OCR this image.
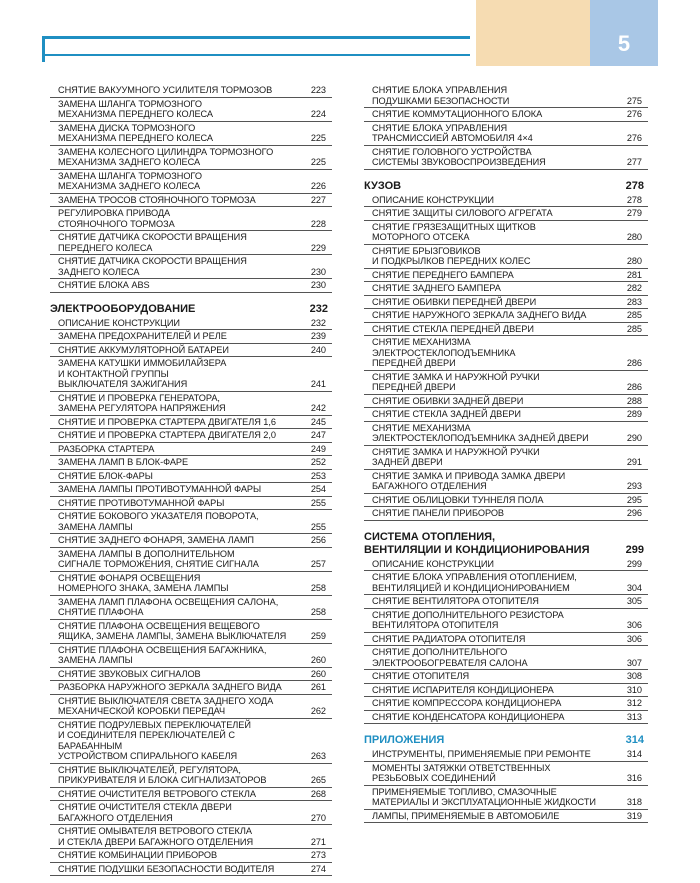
5
СНЯТИЕ ВАКУУМНОГО УСИЛИТЕЛЯ ТОРМОЗОВ	223
ЗАМЕНА ШЛАНГА ТОРМОЗНОГО
МЕХАНИЗМА ПЕРЕДНЕГО КОЛЕСА	224
ЗАМЕНА ДИСКА ТОРМОЗНОГО
МЕХАНИЗМА ПЕРЕДНЕГО КОЛЕСА	225
ЗАМЕНА КОЛЕСНОГО ЦИЛИНДРА ТОРМОЗНОГО
МЕХАНИЗМА ЗАДНЕГО КОЛЕСА	225
ЗАМЕНА ШЛАНГА ТОРМОЗНОГО
МЕХАНИЗМА ЗАДНЕГО КОЛЕСА	226
ЗАМЕНА ТРОСОВ СТОЯНОЧНОГО ТОРМОЗА	227
РЕГУЛИРОВКА ПРИВОДА
СТОЯНОЧНОГО ТОРМОЗА	228
СНЯТИЕ ДАТЧИКА СКОРОСТИ ВРАЩЕНИЯ
ПЕРЕДНЕГО КОЛЕСА	229
СНЯТИЕ ДАТЧИКА СКОРОСТИ ВРАЩЕНИЯ
ЗАДНЕГО КОЛЕСА	230
СНЯТИЕ БЛОКА ABS	230
ЭЛЕКТРООБОРУДОВАНИЕ	232
ОПИСАНИЕ КОНСТРУКЦИИ	232
ЗАМЕНА ПРЕДОХРАНИТЕЛЕЙ И РЕЛЕ	239
СНЯТИЕ АККУМУЛЯТОРНОЙ БАТАРЕИ	240
ЗАМЕНА КАТУШКИ ИММОБИЛАЙЗЕРА
И КОНТАКТНОЙ ГРУППЫ
ВЫКЛЮЧАТЕЛЯ ЗАЖИГАНИЯ	241
СНЯТИЕ И ПРОВЕРКА ГЕНЕРАТОРА,
ЗАМЕНА РЕГУЛЯТОРА НАПРЯЖЕНИЯ	242
СНЯТИЕ И ПРОВЕРКА СТАРТЕРА ДВИГАТЕЛЯ 1,6	245
СНЯТИЕ И ПРОВЕРКА СТАРТЕРА ДВИГАТЕЛЯ 2,0	247
РАЗБОРКА СТАРТЕРА	249
ЗАМЕНА ЛАМП В БЛОК-ФАРЕ	252
СНЯТИЕ БЛОК-ФАРЫ	253
ЗАМЕНА ЛАМПЫ ПРОТИВОТУМАННОЙ ФАРЫ	254
СНЯТИЕ ПРОТИВОТУМАННОЙ ФАРЫ	255
СНЯТИЕ БОКОВОГО УКАЗАТЕЛЯ ПОВОРОТА,
ЗАМЕНА ЛАМПЫ	255
СНЯТИЕ ЗАДНЕГО ФОНАРЯ, ЗАМЕНА ЛАМП	256
ЗАМЕНА ЛАМПЫ В ДОПОЛНИТЕЛЬНОМ
СИГНАЛЕ ТОРМОЖЕНИЯ, СНЯТИЕ СИГНАЛА	257
СНЯТИЕ ФОНАРЯ ОСВЕЩЕНИЯ
НОМЕРНОГО ЗНАКА, ЗАМЕНА ЛАМПЫ	258
ЗАМЕНА ЛАМП ПЛАФОНА ОСВЕЩЕНИЯ САЛОНА,
СНЯТИЕ ПЛАФОНА	258
СНЯТИЕ ПЛАФОНА ОСВЕЩЕНИЯ ВЕЩЕВОГО
ЯЩИКА, ЗАМЕНА ЛАМПЫ, ЗАМЕНА ВЫКЛЮЧАТЕЛЯ	259
СНЯТИЕ ПЛАФОНА ОСВЕЩЕНИЯ БАГАЖНИКА,
ЗАМЕНА ЛАМПЫ	260
СНЯТИЕ ЗВУКОВЫХ СИГНАЛОВ	260
РАЗБОРКА НАРУЖНОГО ЗЕРКАЛА ЗАДНЕГО ВИДА	261
СНЯТИЕ ВЫКЛЮЧАТЕЛЯ СВЕТА ЗАДНЕГО ХОДА
МЕХАНИЧЕСКОЙ КОРОБКИ ПЕРЕДАЧ	262
СНЯТИЕ ПОДРУЛЕВЫХ ПЕРЕКЛЮЧАТЕЛЕЙ
И СОЕДИНИТЕЛЯ ПЕРЕКЛЮЧАТЕЛЕЙ С БАРАБАННЫМ
УСТРОЙСТВОМ СПИРАЛЬНОГО КАБЕЛЯ	263
СНЯТИЕ ВЫКЛЮЧАТЕЛЕЙ, РЕГУЛЯТОРА,
ПРИКУРИВАТЕЛЯ И БЛОКА СИГНАЛИЗАТОРОВ	265
СНЯТИЕ ОЧИСТИТЕЛЯ ВЕТРОВОГО СТЕКЛА	268
СНЯТИЕ ОЧИСТИТЕЛЯ СТЕКЛА ДВЕРИ
БАГАЖНОГО ОТДЕЛЕНИЯ	270
СНЯТИЕ ОМЫВАТЕЛЯ ВЕТРОВОГО СТЕКЛА
И СТЕКЛА ДВЕРИ БАГАЖНОГО ОТДЕЛЕНИЯ	271
СНЯТИЕ КОМБИНАЦИИ ПРИБОРОВ	273
СНЯТИЕ ПОДУШКИ БЕЗОПАСНОСТИ ВОДИТЕЛЯ	274
СНЯТИЕ БЛОКА УПРАВЛЕНИЯ
ПОДУШКАМИ БЕЗОПАСНОСТИ	275
СНЯТИЕ КОММУТАЦИОННОГО БЛОКА	276
СНЯТИЕ БЛОКА УПРАВЛЕНИЯ
ТРАНСМИССИЕЙ АВТОМОБИЛЯ 4×4	276
СНЯТИЕ ГОЛОВНОГО УСТРОЙСТВА
СИСТЕМЫ ЗВУКОВОСПРОИЗВЕДЕНИЯ	277
КУЗОВ	278
ОПИСАНИЕ КОНСТРУКЦИИ	278
СНЯТИЕ ЗАЩИТЫ СИЛОВОГО АГРЕГАТА	279
СНЯТИЕ ГРЯЗЕЗАЩИТНЫХ ЩИТКОВ
МОТОРНОГО ОТСЕКА	280
СНЯТИЕ БРЫЗГОВИКОВ
И ПОДКРЫЛКОВ ПЕРЕДНИХ КОЛЕС	280
СНЯТИЕ ПЕРЕДНЕГО БАМПЕРА	281
СНЯТИЕ ЗАДНЕГО БАМПЕРА	282
СНЯТИЕ ОБИВКИ ПЕРЕДНЕЙ ДВЕРИ	283
СНЯТИЕ НАРУЖНОГО ЗЕРКАЛА ЗАДНЕГО ВИДА	285
СНЯТИЕ СТЕКЛА ПЕРЕДНЕЙ ДВЕРИ	285
СНЯТИЕ МЕХАНИЗМА
ЭЛЕКТРОСТЕКЛОПОДЪЕМНИКА
ПЕРЕДНЕЙ ДВЕРИ	286
СНЯТИЕ ЗАМКА И НАРУЖНОЙ РУЧКИ
ПЕРЕДНЕЙ ДВЕРИ	286
СНЯТИЕ ОБИВКИ ЗАДНЕЙ ДВЕРИ	288
СНЯТИЕ СТЕКЛА ЗАДНЕЙ ДВЕРИ	289
СНЯТИЕ МЕХАНИЗМА
ЭЛЕКТРОСТЕКЛОПОДЪЕМНИКА ЗАДНЕЙ ДВЕРИ	290
СНЯТИЕ ЗАМКА И НАРУЖНОЙ РУЧКИ
ЗАДНЕЙ ДВЕРИ	291
СНЯТИЕ ЗАМКА И ПРИВОДА ЗАМКА ДВЕРИ
БАГАЖНОГО ОТДЕЛЕНИЯ	293
СНЯТИЕ ОБЛИЦОВКИ ТУННЕЛЯ ПОЛА	295
СНЯТИЕ ПАНЕЛИ ПРИБОРОВ	296
СИСТЕМА ОТОПЛЕНИЯ,
ВЕНТИЛЯЦИИ И КОНДИЦИОНИРОВАНИЯ	299
ОПИСАНИЕ КОНСТРУКЦИИ	299
СНЯТИЕ БЛОКА УПРАВЛЕНИЯ ОТОПЛЕНИЕМ,
ВЕНТИЛЯЦИЕЙ И КОНДИЦИОНИРОВАНИЕМ	304
СНЯТИЕ ВЕНТИЛЯТОРА ОТОПИТЕЛЯ	305
СНЯТИЕ ДОПОЛНИТЕЛЬНОГО РЕЗИСТОРА
ВЕНТИЛЯТОРА ОТОПИТЕЛЯ	306
СНЯТИЕ РАДИАТОРА ОТОПИТЕЛЯ	306
СНЯТИЕ ДОПОЛНИТЕЛЬНОГО
ЭЛЕКТРООБОГРЕВАТЕЛЯ САЛОНА	307
СНЯТИЕ ОТОПИТЕЛЯ	308
СНЯТИЕ ИСПАРИТЕЛЯ КОНДИЦИОНЕРА	310
СНЯТИЕ КОМПРЕССОРА КОНДИЦИОНЕРА	312
СНЯТИЕ КОНДЕНСАТОРА КОНДИЦИОНЕРА	313
ПРИЛОЖЕНИЯ	314
ИНСТРУМЕНТЫ, ПРИМЕНЯЕМЫЕ ПРИ РЕМОНТЕ	314
МОМЕНТЫ ЗАТЯЖКИ ОТВЕТСТВЕННЫХ
РЕЗЬБОВЫХ СОЕДИНЕНИЙ	316
ПРИМЕНЯЕМЫЕ ТОПЛИВО, СМАЗОЧНЫЕ
МАТЕРИАЛЫ И ЭКСПЛУАТАЦИОННЫЕ ЖИДКОСТИ	318
ЛАМПЫ, ПРИМЕНЯЕМЫЕ В АВТОМОБИЛЕ	319
